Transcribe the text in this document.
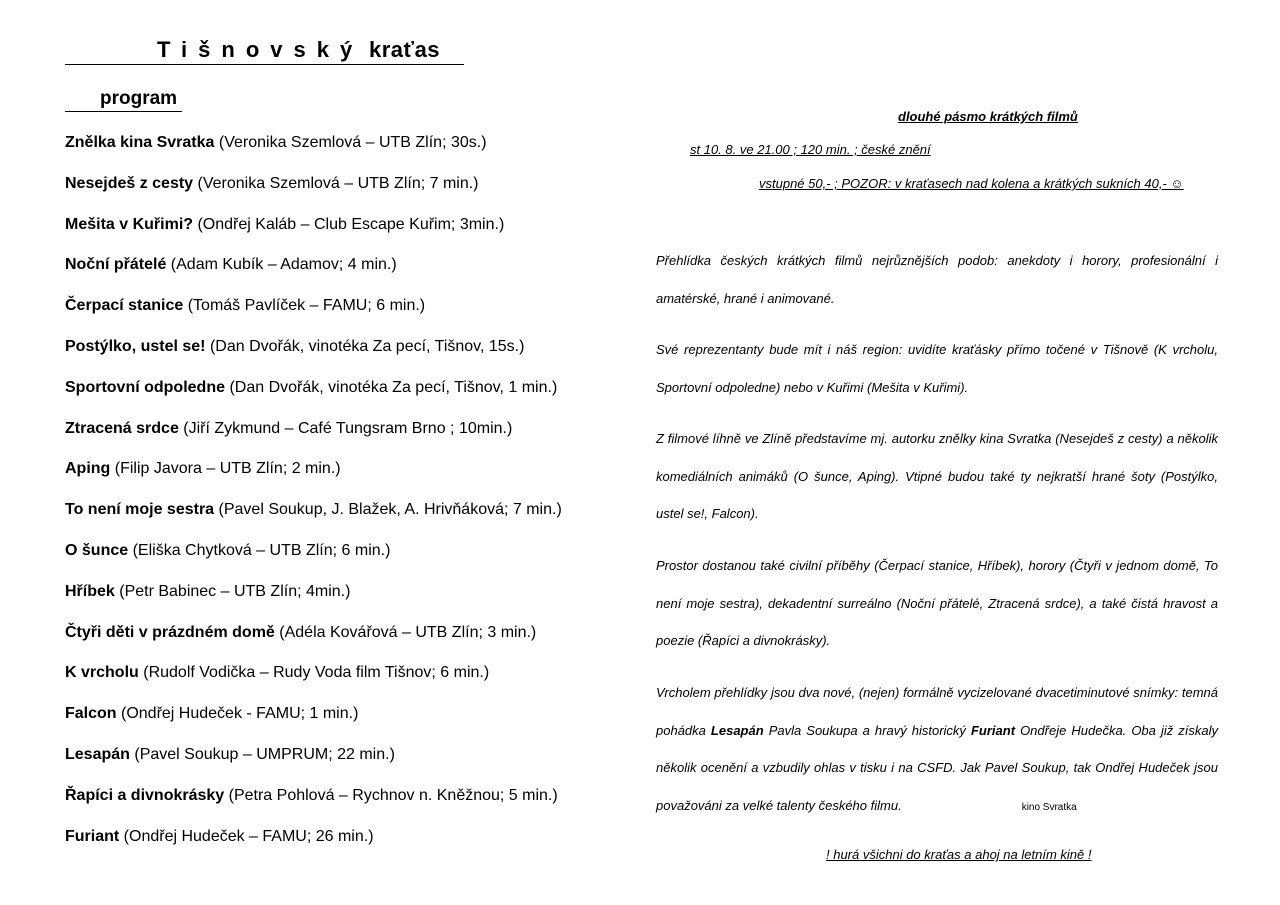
Tišnovský kraťas
program
Znělka kina Svratka (Veronika Szemlová – UTB Zlín; 30s.)
Nesejdeš z cesty (Veronika Szemlová – UTB Zlín; 7 min.)
Mešita v Kuřimi? (Ondřej Kaláb – Club Escape Kuřim; 3min.)
Noční přátelé (Adam Kubík – Adamov; 4 min.)
Čerpací stanice (Tomáš Pavlíček – FAMU; 6 min.)
Postýlko, ustel se! (Dan Dvořák, vinotéka Za pecí, Tišnov, 15s.)
Sportovní odpoledne (Dan Dvořák, vinotéka Za pecí, Tišnov, 1 min.)
Ztracená srdce (Jiří Zykmund – Café Tungsram Brno ; 10min.)
Aping (Filip Javora – UTB Zlín; 2 min.)
To není moje sestra (Pavel Soukup, J. Blažek, A. Hrivňáková; 7 min.)
O šunce (Eliška Chytková – UTB Zlín; 6 min.)
Hříbek (Petr Babinec – UTB Zlín; 4min.)
Čtyři děti v prázdném domě (Adéla Kovářová – UTB Zlín; 3 min.)
K vrcholu (Rudolf Vodička – Rudy Voda film Tišnov; 6 min.)
Falcon (Ondřej Hudeček - FAMU; 1 min.)
Lesapán (Pavel Soukup – UMPRUM; 22 min.)
Řapíci a divnokrásky (Petra Pohlová – Rychnov n. Kněžnou; 5 min.)
Furiant (Ondřej Hudeček – FAMU; 26 min.)
dlouhé pásmo krátkých filmů
st 10. 8. ve 21.00 ; 120 min. ; české znění
vstupné 50,- ; POZOR: v kraťasech nad kolena a krátkých sukních 40,- ☺

Přehlídka českých krátkých filmů nejrůznějších podob: anekdoty i horory, profesionální i amatérské, hrané i animované.

Své reprezentanty bude mít i náš region: uvidíte kraťásky přímo točené v Tišnově (K vrcholu, Sportovní odpoledne) nebo v Kuřimi (Mešita v Kuřimi).

Z filmové líhně ve Zlíně představíme mj. autorku znělky kina Svratka (Nesejdeš z cesty) a několik komediálních animáků (O šunce, Aping). Vtipné budou také ty nejkratší hrané šoty (Postýlko, ustel se!, Falcon).

Prostor dostanou také civilní příběhy (Čerpací stanice, Hříbek), horory (Čtyři v jednom domě, To není moje sestra), dekadentní surreálno (Noční přátelé, Ztracená srdce), a také čistá hravost a poezie (Řapíci a divnokrásky).

Vrcholem přehlídky jsou dva nové, (nejen) formálně vycizelované dvacetiminutové snímky: temná pohádka Lesapán Pavla Soukupa a hravý historický Furiant Ondřeje Hudečka. Oba již získaly několik ocenění a vzbudily ohlas v tisku i na CSFD. Jak Pavel Soukup, tak Ondřej Hudeček jsou považováni za velké talenty českého filmu.	kino Svratka

! hurá všichni do kraťas a ahoj na letním kině !
